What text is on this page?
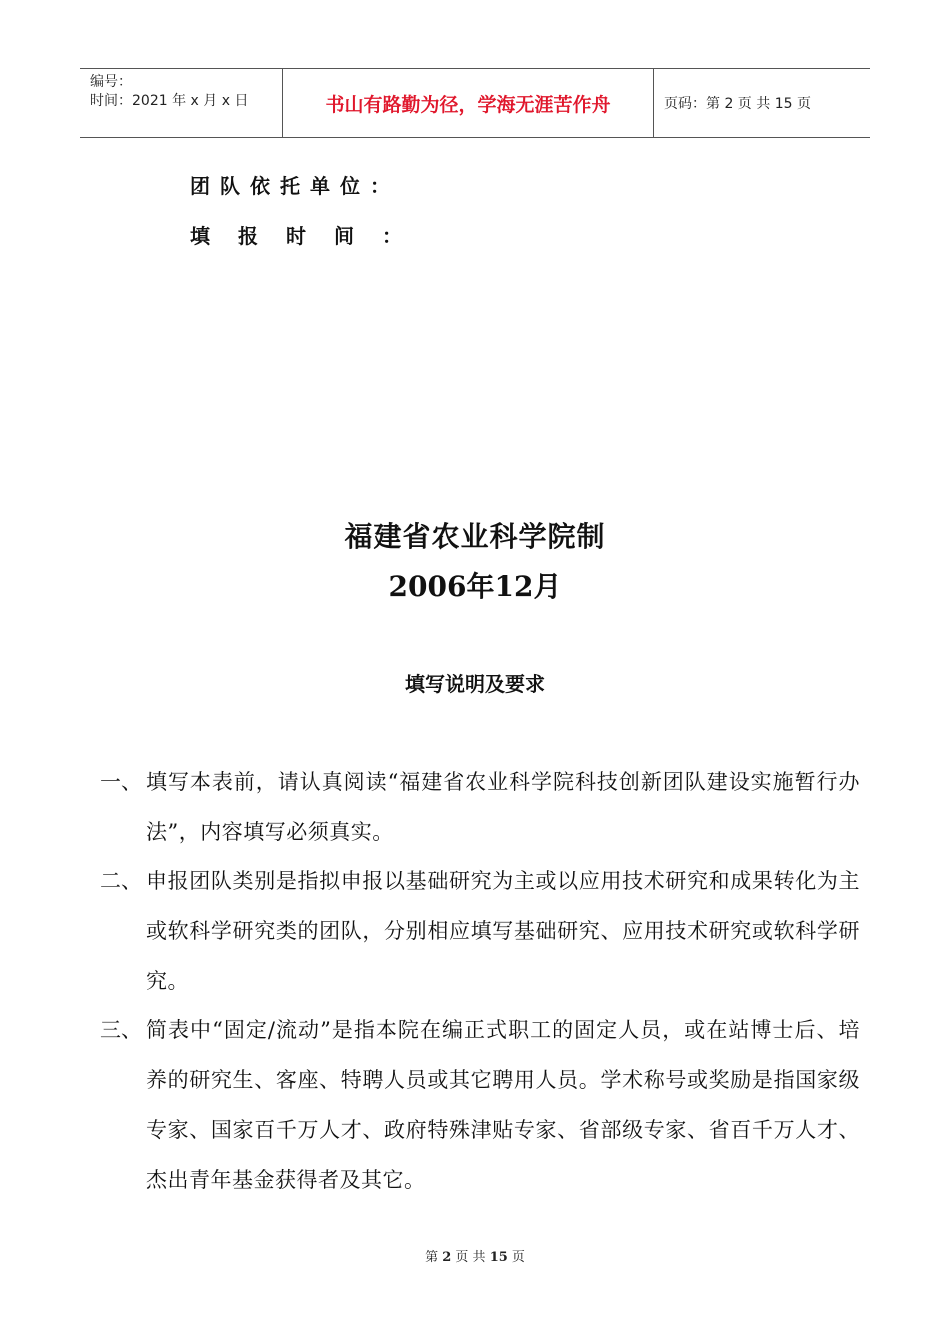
编号：
时间：2021 年 x 月 x 日	书山有路勤为径，学海无涯苦作舟	页码：第 2 页 共 15 页
团队依托单位：
填报时间：
福建省农业科学院制
2006年12月
填写说明及要求
一、 填写本表前，请认真阅读“福建省农业科学院科技创新团队建设实施暂行办法”，内容填写必须真实。
二、 申报团队类别是指拟申报以基础研究为主或以应用技术研究和成果转化为主或软科学研究类的团队，分别相应填写基础研究、应用技术研究或软科学研究。
三、 简表中“固定/流动”是指本院在编正式职工的固定人员，或在站博士后、培养的研究生、客座、特聘人员或其它聘用人员。学术称号或奖励是指国家级专家、国家百千万人才、政府特殊津贴专家、省部级专家、省百千万人才、杰出青年基金获得者及其它。
第 2 页 共 15 页
